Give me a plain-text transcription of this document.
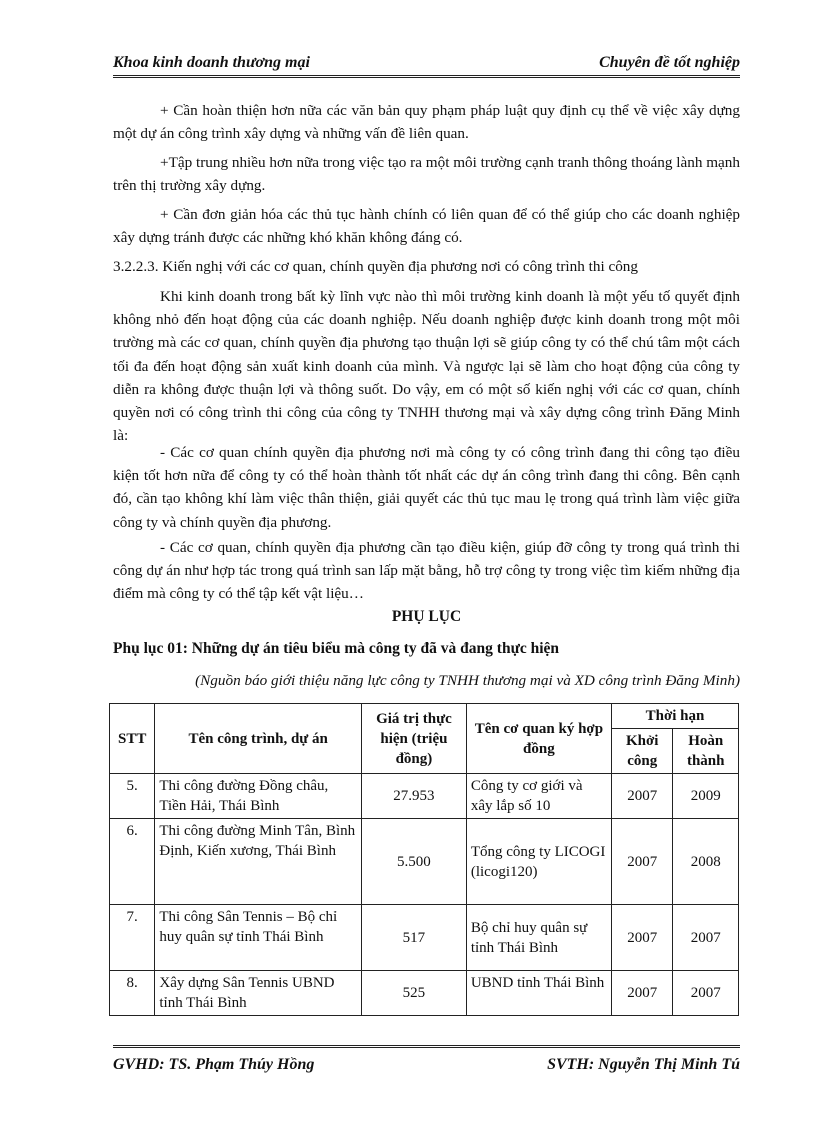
Khoa kinh doanh thương mại	Chuyên đề tốt nghiệp
+ Cần hoàn thiện hơn nữa các văn bản quy phạm pháp luật quy định cụ thể về việc xây dựng một dự án công trình xây dựng và những vấn đề liên quan.
+Tập trung nhiều hơn nữa trong việc tạo ra một môi trường cạnh tranh thông thoáng lành mạnh trên thị trường xây dựng.
+ Cần đơn giản hóa các thủ tục hành chính có liên quan để có thể giúp cho các doanh nghiệp xây dựng tránh được các những khó khăn không đáng có.
3.2.2.3. Kiến nghị với các cơ quan, chính quyền địa phương nơi có công trình thi công
Khi kinh doanh trong bất kỳ lĩnh vực nào thì môi trường kinh doanh là một yếu tố quyết định không nhỏ đến hoạt động của các doanh nghiệp. Nếu doanh nghiệp được kinh doanh trong một môi trường mà các cơ quan, chính quyền địa phương tạo thuận lợi sẽ giúp công ty có thể chú tâm một cách tối đa đến hoạt động sản xuất kinh doanh của mình. Và ngược lại sẽ làm cho hoạt động của công ty diễn ra không được thuận lợi và thông suốt. Do vậy, em có một số kiến nghị với các cơ quan, chính quyền nơi có công trình thi công của công ty TNHH thương mại và xây dựng công trình Đăng Minh là:
- Các cơ quan chính quyền địa phương nơi mà công ty có công trình đang thi công tạo điều kiện tốt hơn nữa để công ty có thể hoàn thành tốt nhất các dự án công trình đang thi công. Bên cạnh đó, cần tạo không khí làm việc thân thiện, giải quyết các thủ tục mau lẹ trong quá trình làm việc giữa công ty và chính quyền địa phương.
- Các cơ quan, chính quyền địa phương cần tạo điều kiện, giúp đỡ công ty trong quá trình thi công dự án như hợp tác trong quá trình san lấp mặt bằng, hỗ trợ công ty trong việc tìm kiếm những địa điểm mà công ty có thể tập kết vật liệu…
PHỤ LỤC
Phụ lục 01: Những dự án tiêu biểu mà công ty đã và đang thực hiện
(Nguồn báo giới thiệu năng lực công ty TNHH thương mại và XD công trình Đăng Minh)
STT	Tên công trình, dự án	Giá trị thực hiện (triệu đồng)	Tên cơ quan ký hợp đồng	Thời hạn	
				Khởi công	Hoàn thành
5.	Thi công đường Đồng châu, Tiền Hải, Thái Bình	27.953	Công ty cơ giới và xây lắp số 10	2007	2009
6.	Thi công đường Minh Tân, Bình Định, Kiến xương, Thái Bình	5.500	Tổng công ty LICOGI (licogi120)	2007	2008
7.	Thi công Sân Tennis – Bộ chỉ huy quân sự tỉnh Thái Bình	517	Bộ chỉ huy quân sự tỉnh Thái Bình	2007	2007
8.	Xây dựng Sân Tennis UBND tỉnh Thái Bình	525	UBND tỉnh Thái Bình	2007	2007
GVHD: TS. Phạm Thúy Hồng	SVTH: Nguyễn Thị Minh Tú
